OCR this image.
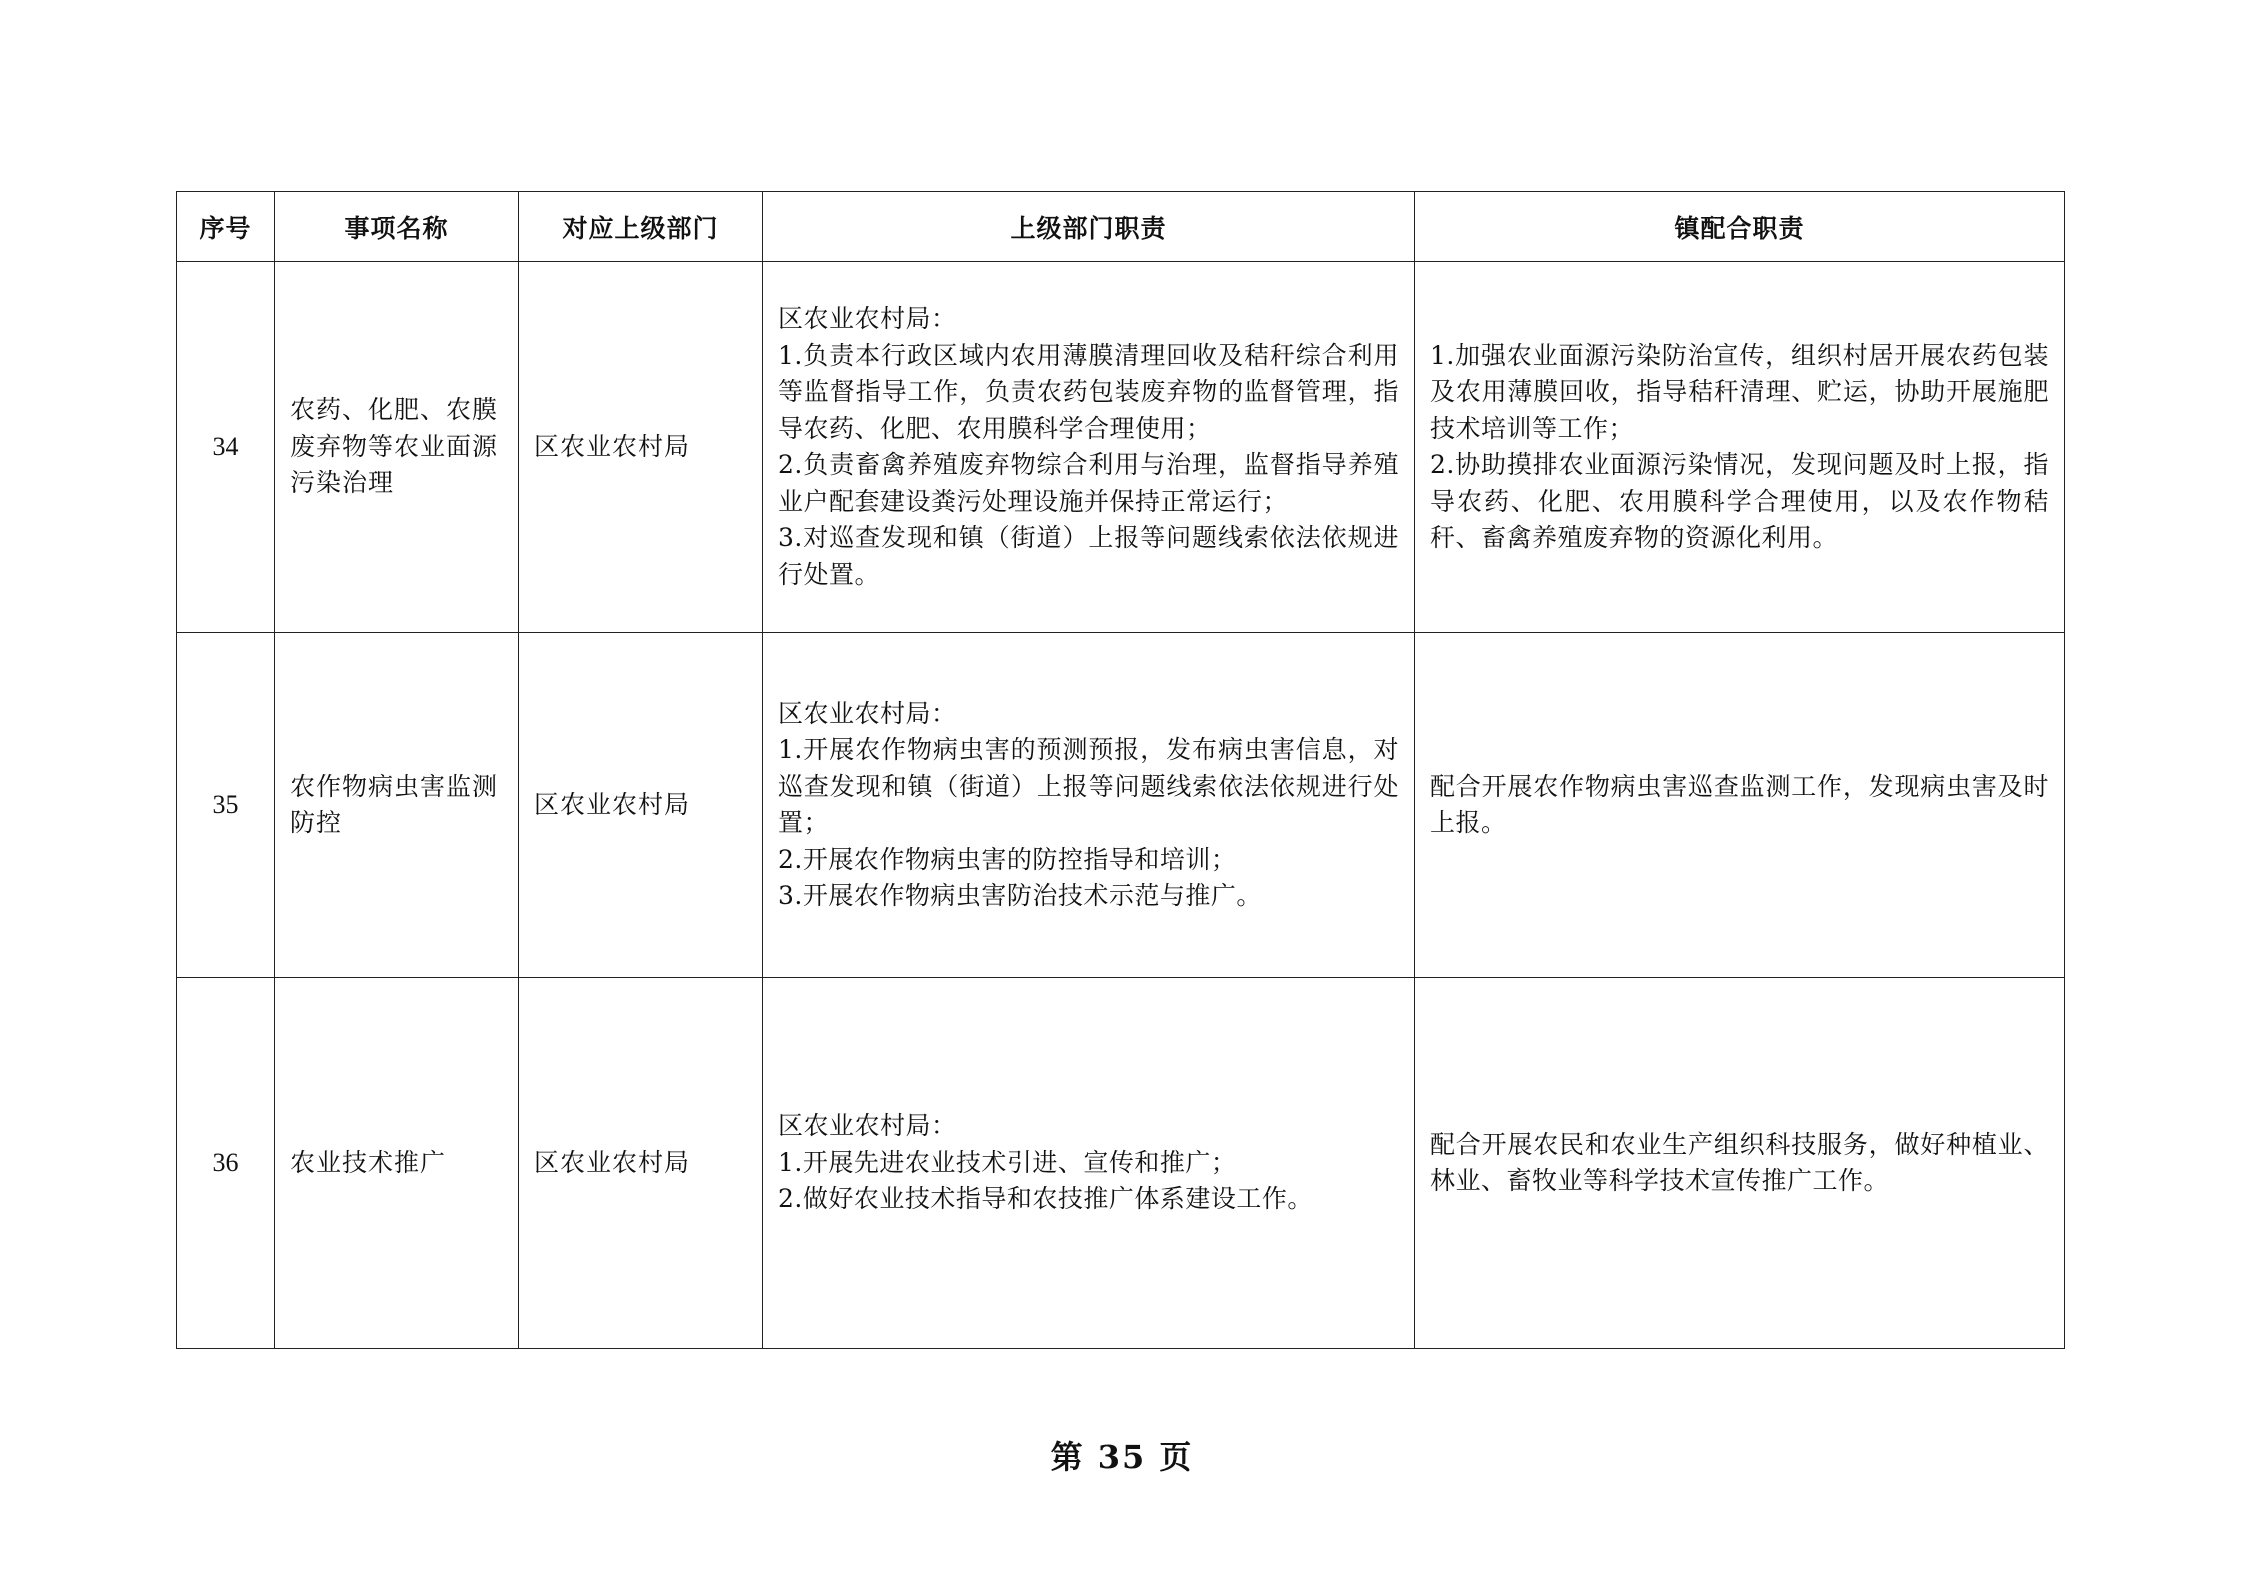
序号	事项名称	对应上级部门	上级部门职责	镇配合职责
34	农药、化肥、农膜废弃物等农业面源污染治理	区农业农村局	区农业农村局：
1.负责本行政区域内农用薄膜清理回收及秸秆综合利用等监督指导工作，负责农药包装废弃物的监督管理，指导农药、化肥、农用膜科学合理使用；
2.负责畜禽养殖废弃物综合利用与治理，监督指导养殖业户配套建设粪污处理设施并保持正常运行；
3.对巡查发现和镇（街道）上报等问题线索依法依规进行处置。	1.加强农业面源污染防治宣传，组织村居开展农药包装及农用薄膜回收，指导秸秆清理、贮运，协助开展施肥技术培训等工作；
2.协助摸排农业面源污染情况，发现问题及时上报，指导农药、化肥、农用膜科学合理使用，以及农作物秸秆、畜禽养殖废弃物的资源化利用。

35	农作物病虫害监测防控	区农业农村局	区农业农村局：
1.开展农作物病虫害的预测预报，发布病虫害信息，对巡查发现和镇（街道）上报等问题线索依法依规进行处置；
2.开展农作物病虫害的防控指导和培训；
3.开展农作物病虫害防治技术示范与推广。	配合开展农作物病虫害巡查监测工作，发现病虫害及时上报。

36	农业技术推广	区农业农村局	区农业农村局：
1.开展先进农业技术引进、宣传和推广；
2.做好农业技术指导和农技推广体系建设工作。	配合开展农民和农业生产组织科技服务，做好种植业、林业、畜牧业等科学技术宣传推广工作。
第 35 页
